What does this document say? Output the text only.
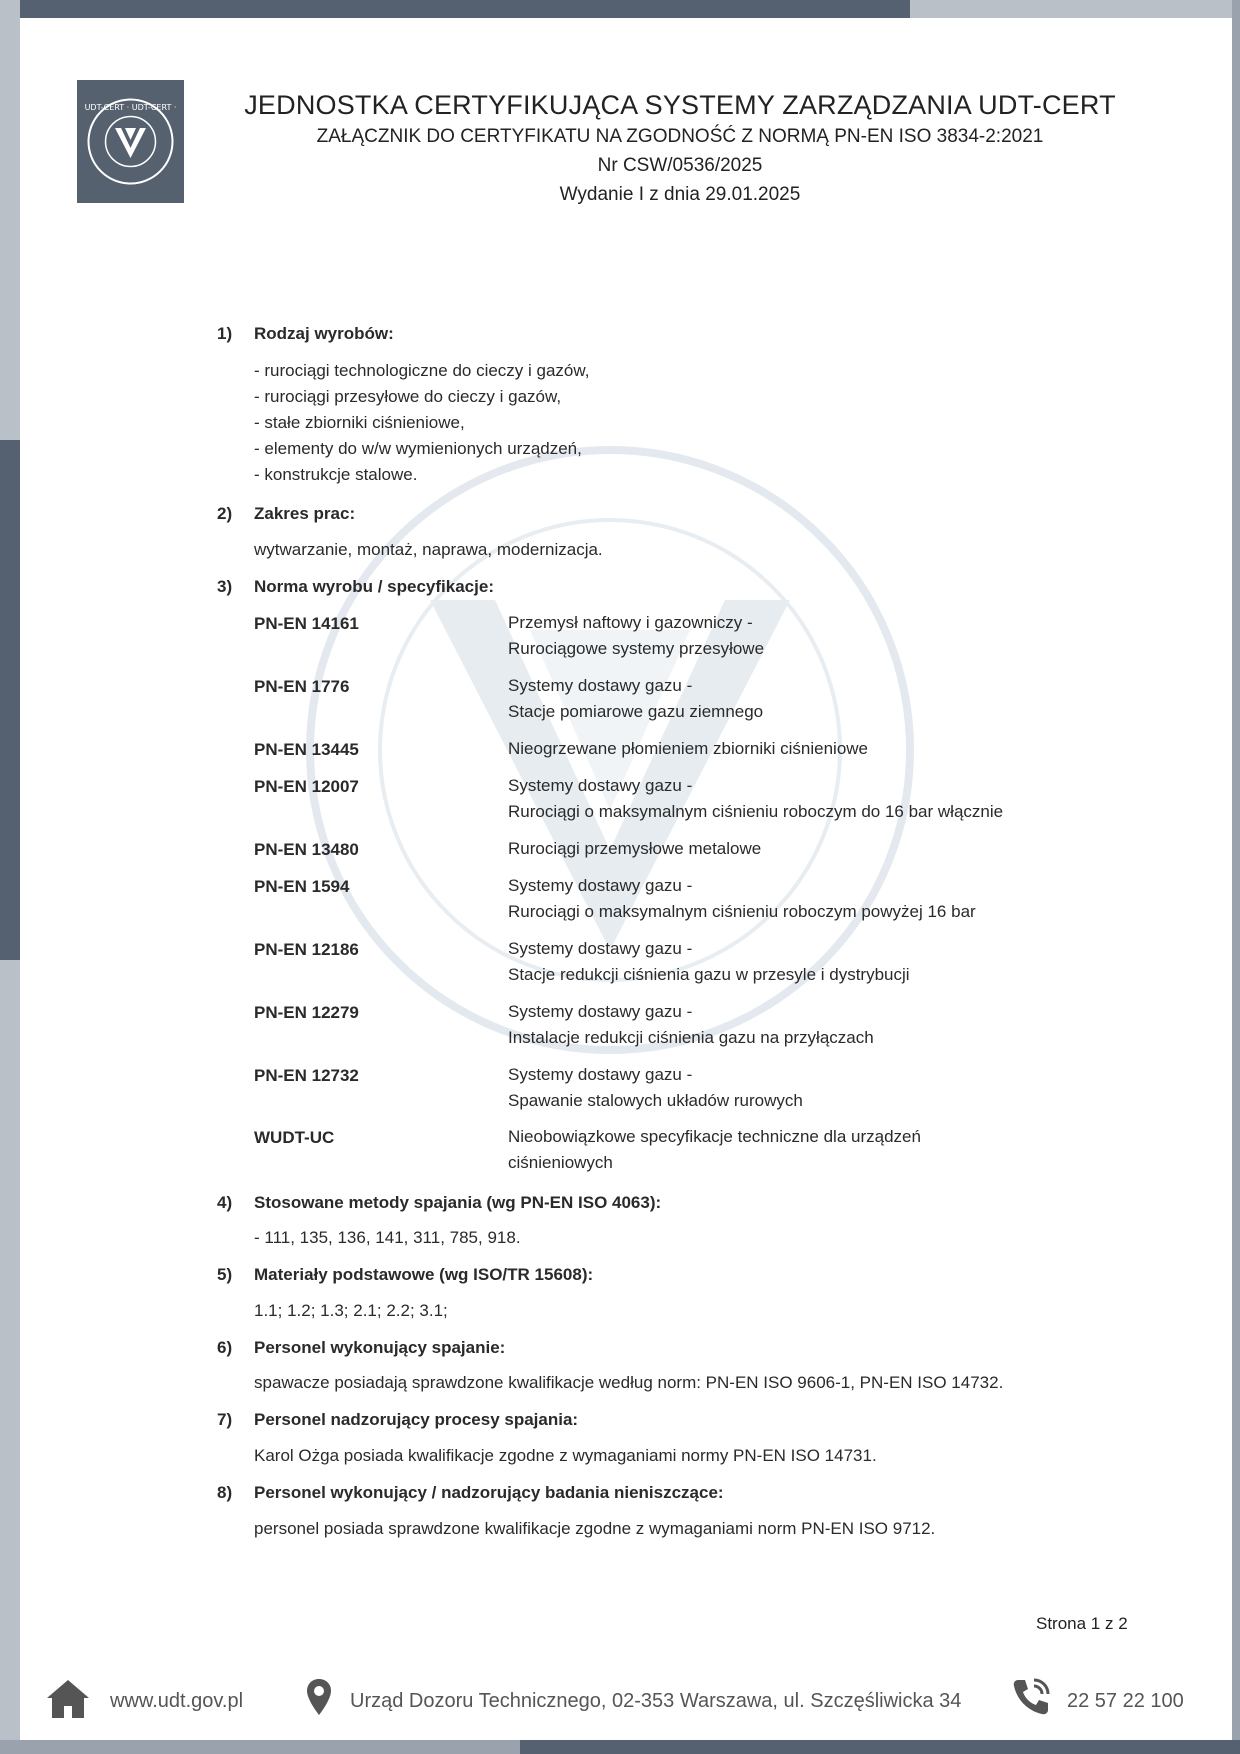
UDT-CERT · UDT-CERT ·	JEDNOSTKA CERTYFIKUJĄCA SYSTEMY ZARZĄDZANIA UDT-CERT
ZAŁĄCZNIK DO CERTYFIKATU NA ZGODNOŚĆ Z NORMĄ PN-EN ISO 3834-2:2021
Nr CSW/0536/2025
Wydanie I z dnia 29.01.2025
1) Rodzaj wyrobów:
- rurociągi technologiczne do cieczy i gazów,
- rurociągi przesyłowe do cieczy i gazów,
- stałe zbiorniki ciśnieniowe,
- elementy do w/w wymienionych urządzeń,
- konstrukcje stalowe.
2) Zakres prac:
wytwarzanie, montaż, naprawa, modernizacja.
3) Norma wyrobu / specyfikacje:
PN-EN 14161	Przemysł naftowy i gazowniczy -
Rurociągowe systemy przesyłowe
PN-EN 1776	Systemy dostawy gazu -
Stacje pomiarowe gazu ziemnego
PN-EN 13445	Nieogrzewane płomieniem zbiorniki ciśnieniowe
PN-EN 12007	Systemy dostawy gazu -
Rurociągi o maksymalnym ciśnieniu roboczym do 16 bar włącznie
PN-EN 13480	Rurociągi przemysłowe metalowe
PN-EN 1594	Systemy dostawy gazu -
Rurociągi o maksymalnym ciśnieniu roboczym powyżej 16 bar
PN-EN 12186	Systemy dostawy gazu -
Stacje redukcji ciśnienia gazu w przesyle i dystrybucji
PN-EN 12279	Systemy dostawy gazu -
Instalacje redukcji ciśnienia gazu na przyłączach
PN-EN 12732	Systemy dostawy gazu -
Spawanie stalowych układów rurowych
WUDT-UC	Nieobowiązkowe specyfikacje techniczne dla urządzeń
ciśnieniowych
4) Stosowane metody spajania (wg PN-EN ISO 4063):
- 111, 135, 136, 141, 311, 785, 918.
5) Materiały podstawowe (wg ISO/TR 15608):
1.1; 1.2; 1.3; 2.1; 2.2; 3.1;
6) Personel wykonujący spajanie:
spawacze posiadają sprawdzone kwalifikacje według norm: PN-EN ISO 9606-1, PN-EN ISO 14732.
7) Personel nadzorujący procesy spajania:
Karol Ożga posiada kwalifikacje zgodne z wymaganiami normy PN-EN ISO 14731.
8) Personel wykonujący / nadzorujący badania nieniszczące:
personel posiada sprawdzone kwalifikacje zgodne z wymaganiami norm PN-EN ISO 9712.
Strona 1 z 2
www.udt.gov.pl	Urząd Dozoru Technicznego, 02-353 Warszawa, ul. Szczęśliwicka 34	22 57 22 100
